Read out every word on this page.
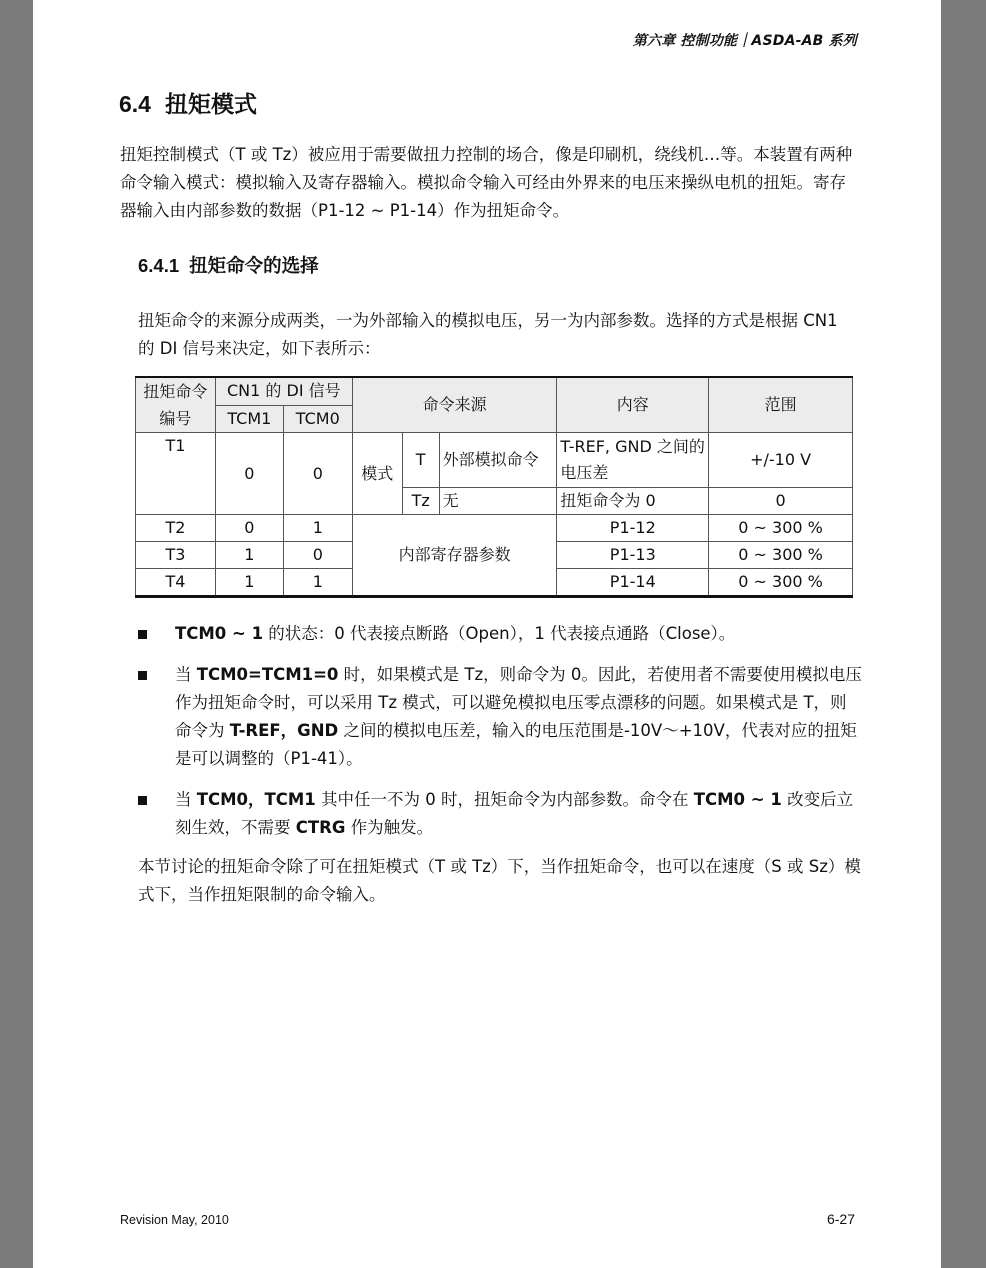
第六章 控制功能｜ASDA-AB 系列
6.4 扭矩模式
扭矩控制模式（T 或 Tz）被应用于需要做扭力控制的场合，像是印刷机，绕线机…等。本装置有两种命令输入模式：模拟输入及寄存器输入。模拟命令输入可经由外界来的电压来操纵电机的扭矩。寄存器输入由内部参数的数据（P1-12 ~ P1-14）作为扭矩命令。
6.4.1 扭矩命令的选择
扭矩命令的来源分成两类，一为外部输入的模拟电压，另一为内部参数。选择的方式是根据 CN1 的 DI 信号来决定，如下表所示：
扭矩命令编号	CN1 的 DI 信号		命令来源			内容	范围
	TCM1	TCM0					
T1	0	0	模式	T	外部模拟命令	T-REF, GND 之间的电压差	+/-10 V
				Tz	无	扭矩命令为 0	0
T2	0	1	内部寄存器参数			P1-12	0 ~ 300 %
T3	1	0				P1-13	0 ~ 300 %
T4	1	1				P1-14	0 ~ 300 %
TCM0 ~ 1 的状态：0 代表接点断路（Open），1 代表接点通路（Close）。
当 TCM0=TCM1=0 时，如果模式是 Tz，则命令为 0。因此，若使用者不需要使用模拟电压作为扭矩命令时，可以采用 Tz 模式，可以避免模拟电压零点漂移的问题。如果模式是 T，则命令为 T-REF，GND 之间的模拟电压差，输入的电压范围是-10V～+10V，代表对应的扭矩是可以调整的（P1-41）。
当 TCM0，TCM1 其中任一不为 0 时，扭矩命令为内部参数。命令在 TCM0 ~ 1 改变后立刻生效，不需要 CTRG 作为触发。
本节讨论的扭矩命令除了可在扭矩模式（T 或 Tz）下，当作扭矩命令，也可以在速度（S 或 Sz）模式下，当作扭矩限制的命令输入。
Revision May, 2010	6-27
